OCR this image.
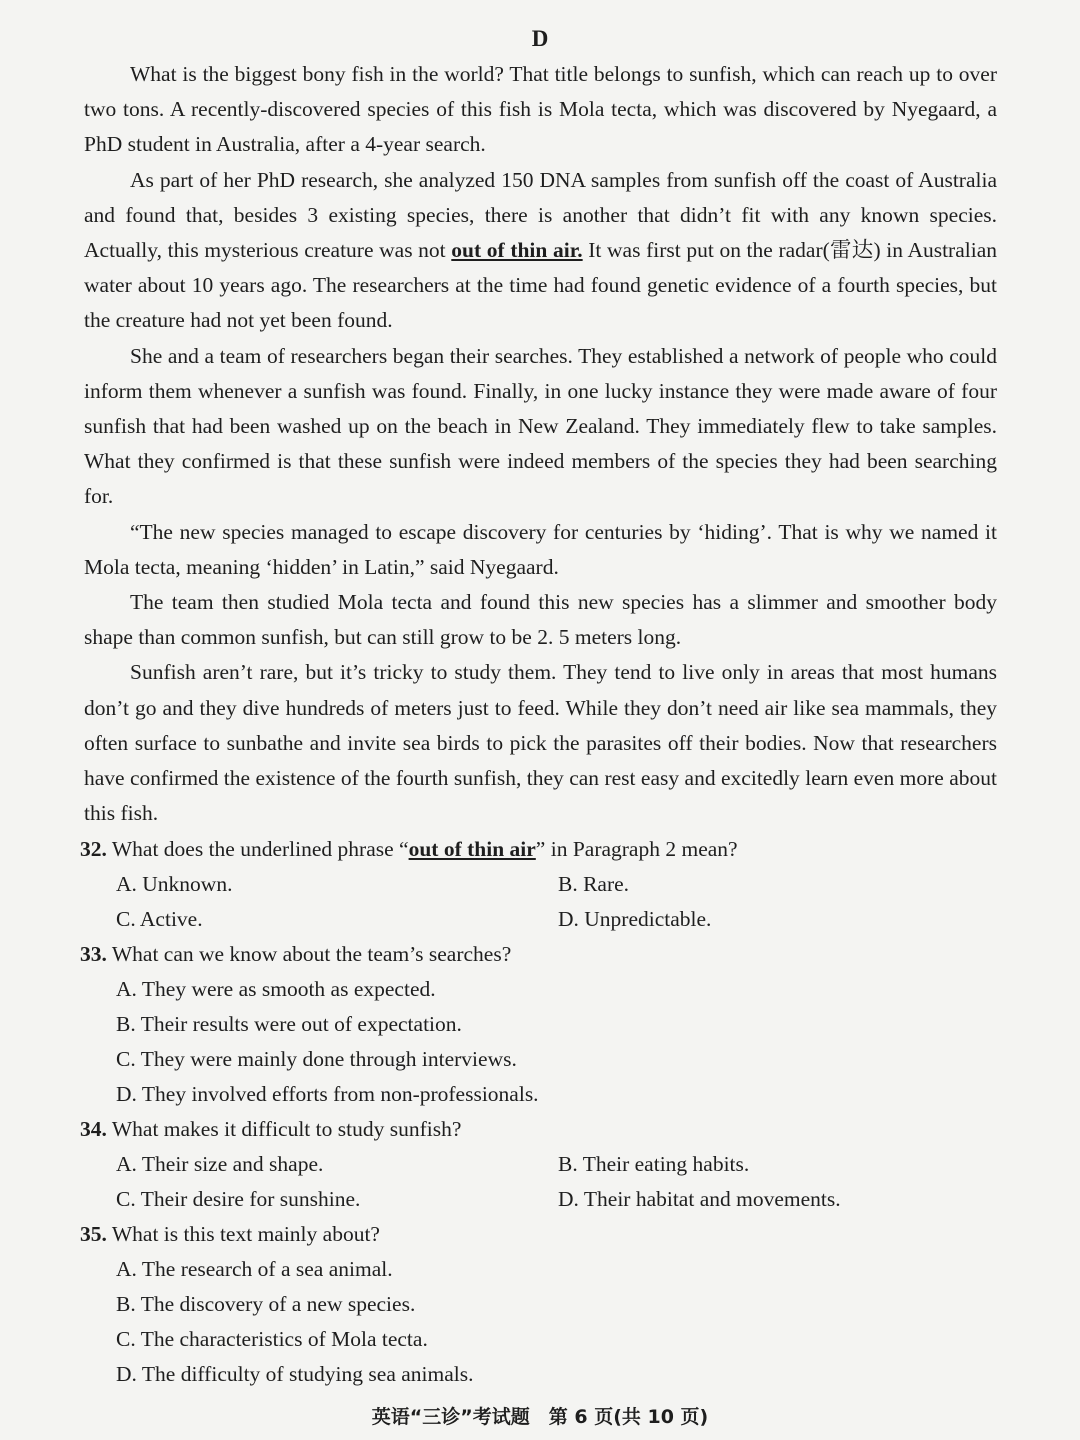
D

What is the biggest bony fish in the world? That title belongs to sunfish, which can reach up to over two tons. A recently-discovered species of this fish is Mola tecta, which was discovered by Nyegaard, a PhD student in Australia, after a 4-year search.

As part of her PhD research, she analyzed 150 DNA samples from sunfish off the coast of Australia and found that, besides 3 existing species, there is another that didn’t fit with any known species. Actually, this mysterious creature was not out of thin air. It was first put on the radar(雷达) in Australian water about 10 years ago. The researchers at the time had found genetic evidence of a fourth species, but the creature had not yet been found.

She and a team of researchers began their searches. They established a network of people who could inform them whenever a sunfish was found. Finally, in one lucky instance they were made aware of four sunfish that had been washed up on the beach in New Zealand. They immediately flew to take samples. What they confirmed is that these sunfish were indeed members of the species they had been searching for.

“The new species managed to escape discovery for centuries by ‘hiding’. That is why we named it Mola tecta, meaning ‘hidden’ in Latin,” said Nyegaard.

The team then studied Mola tecta and found this new species has a slimmer and smoother body shape than common sunfish, but can still grow to be 2. 5 meters long.

Sunfish aren’t rare, but it’s tricky to study them. They tend to live only in areas that most humans don’t go and they dive hundreds of meters just to feed. While they don’t need air like sea mammals, they often surface to sunbathe and invite sea birds to pick the parasites off their bodies. Now that researchers have confirmed the existence of the fourth sunfish, they can rest easy and excitedly learn even more about this fish.

32. What does the underlined phrase “out of thin air” in Paragraph 2 mean?
A. Unknown.	B. Rare.
C. Active.	D. Unpredictable.
33. What can we know about the team’s searches?
A. They were as smooth as expected.
B. Their results were out of expectation.
C. They were mainly done through interviews.
D. They involved efforts from non-professionals.
34. What makes it difficult to study sunfish?
A. Their size and shape.	B. Their eating habits.
C. Their desire for sunshine.	D. Their habitat and movements.
35. What is this text mainly about?
A. The research of a sea animal.
B. The discovery of a new species.
C. The characteristics of Mola tecta.
D. The difficulty of studying sea animals.
英语“三诊”考试题　第 6 页(共 10 页)
